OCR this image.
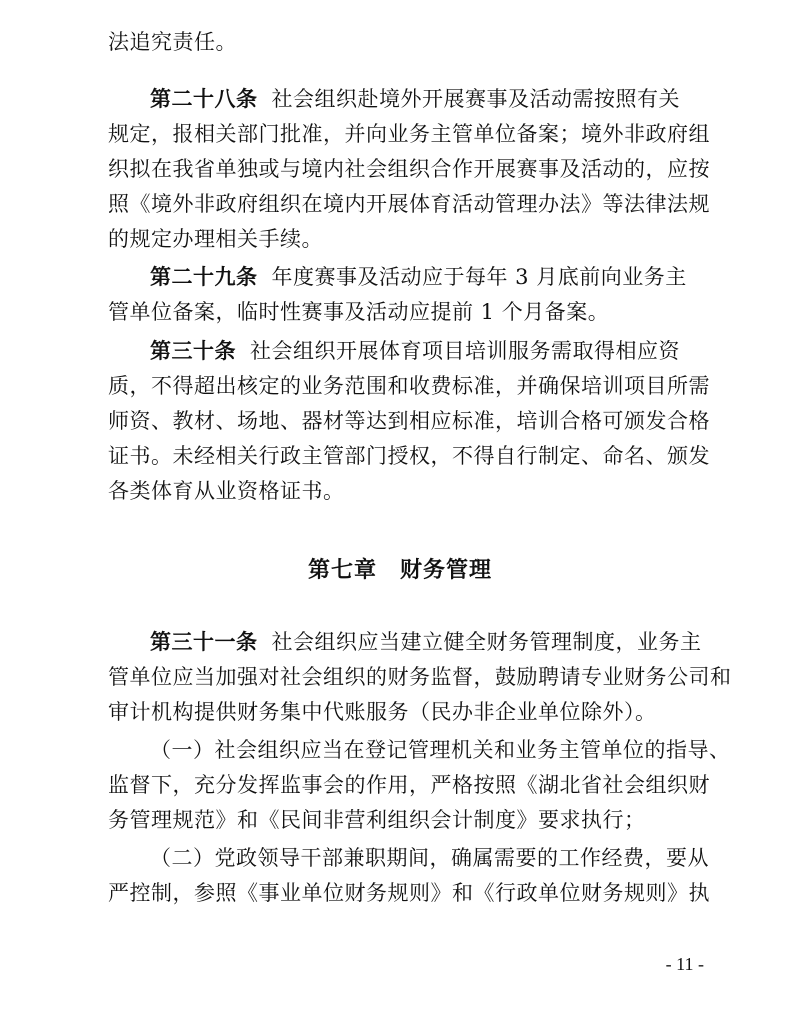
法追究责任。
第二十八条 社会组织赴境外开展赛事及活动需按照有关
规定，报相关部门批准，并向业务主管单位备案；境外非政府组
织拟在我省单独或与境内社会组织合作开展赛事及活动的，应按
照《境外非政府组织在境内开展体育活动管理办法》等法律法规
的规定办理相关手续。
第二十九条 年度赛事及活动应于每年 3 月底前向业务主
管单位备案，临时性赛事及活动应提前 1 个月备案。
第三十条 社会组织开展体育项目培训服务需取得相应资
质，不得超出核定的业务范围和收费标准，并确保培训项目所需
师资、教材、场地、器材等达到相应标准，培训合格可颁发合格
证书。未经相关行政主管部门授权，不得自行制定、命名、颁发
各类体育从业资格证书。
第七章　财务管理
第三十一条 社会组织应当建立健全财务管理制度，业务主
管单位应当加强对社会组织的财务监督，鼓励聘请专业财务公司和
审计机构提供财务集中代账服务（民办非企业单位除外）。
（一）社会组织应当在登记管理机关和业务主管单位的指导、
监督下，充分发挥监事会的作用，严格按照《湖北省社会组织财
务管理规范》和《民间非营利组织会计制度》要求执行；
（二）党政领导干部兼职期间，确属需要的工作经费，要从
严控制，参照《事业单位财务规则》和《行政单位财务规则》执
- 11 -
